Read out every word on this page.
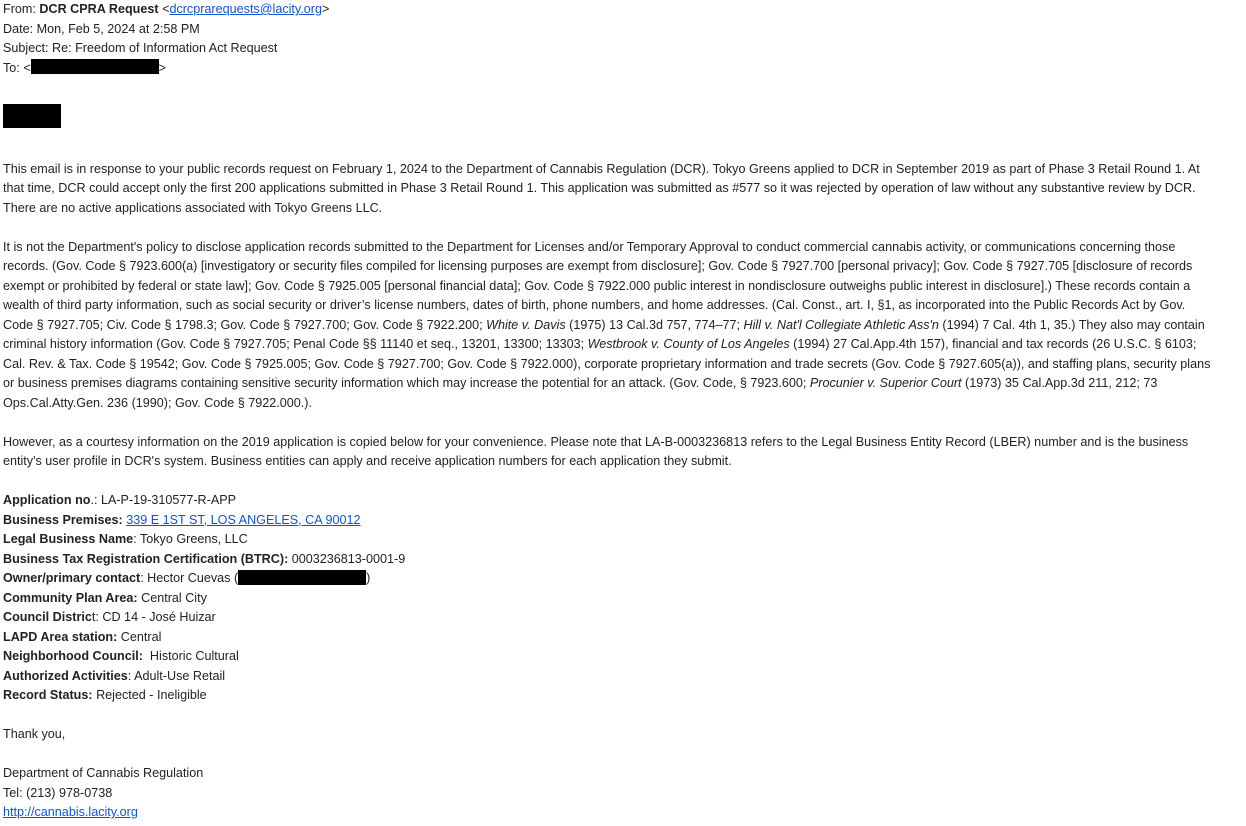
From: DCR CPRA Request <dcrcprarequests@lacity.org>
Date: Mon, Feb 5, 2024 at 2:58 PM
Subject: Re: Freedom of Information Act Request
To: <	>

This email is in response to your public records request on February 1, 2024 to the Department of Cannabis Regulation (DCR). Tokyo Greens applied to DCR in September 2019 as part of Phase 3 Retail Round 1. At that time, DCR could accept only the first 200 applications submitted in Phase 3 Retail Round 1. This application was submitted as #577 so it was rejected by operation of law without any substantive review by DCR. There are no active applications associated with Tokyo Greens LLC.

It is not the Department's policy to disclose application records submitted to the Department for Licenses and/or Temporary Approval to conduct commercial cannabis activity, or communications concerning those records. (Gov. Code § 7923.600(a) [investigatory or security files compiled for licensing purposes are exempt from disclosure]; Gov. Code § 7927.700 [personal privacy]; Gov. Code § 7927.705 [disclosure of records exempt or prohibited by federal or state law]; Gov. Code § 7925.005 [personal financial data]; Gov. Code § 7922.000 public interest in nondisclosure outweighs public interest in disclosure].) These records contain a wealth of third party information, such as social security or driver’s license numbers, dates of birth, phone numbers, and home addresses. (Cal. Const., art. I, §1, as incorporated into the Public Records Act by Gov. Code § 7927.705; Civ. Code § 1798.3; Gov. Code § 7927.700; Gov. Code § 7922.200; White v. Davis (1975) 13 Cal.3d 757, 774–77; Hill v. Nat'l Collegiate Athletic Ass'n (1994) 7 Cal. 4th 1, 35.) They also may contain criminal history information (Gov. Code § 7927.705; Penal Code §§ 11140 et seq., 13201, 13300; 13303; Westbrook v. County of Los Angeles (1994) 27 Cal.App.4th 157), financial and tax records (26 U.S.C. § 6103; Cal. Rev. & Tax. Code § 19542; Gov. Code § 7925.005; Gov. Code § 7927.700; Gov. Code § 7922.000), corporate proprietary information and trade secrets (Gov. Code § 7927.605(a)), and staffing plans, security plans or business premises diagrams containing sensitive security information which may increase the potential for an attack. (Gov. Code, § 7923.600; Procunier v. Superior Court (1973) 35 Cal.App.3d 211, 212; 73 Ops.Cal.Atty.Gen. 236 (1990); Gov. Code § 7922.000.).

However, as a courtesy information on the 2019 application is copied below for your convenience. Please note that LA-B-0003236813 refers to the Legal Business Entity Record (LBER) number and is the business entity's user profile in DCR's system. Business entities can apply and receive application numbers for each application they submit.

Application no.: LA-P-19-310577-R-APP
Business Premises: 339 E 1ST ST, LOS ANGELES, CA 90012
Legal Business Name: Tokyo Greens, LLC
Business Tax Registration Certification (BTRC): 0003236813-0001-9
Owner/primary contact: Hector Cuevas (	)
Community Plan Area: Central City
Council District: CD 14 - José Huizar
LAPD Area station: Central
Neighborhood Council: Historic Cultural
Authorized Activities: Adult-Use Retail
Record Status: Rejected - Ineligible
Thank you,
Department of Cannabis Regulation
Tel: (213) 978-0738
http://cannabis.lacity.org
